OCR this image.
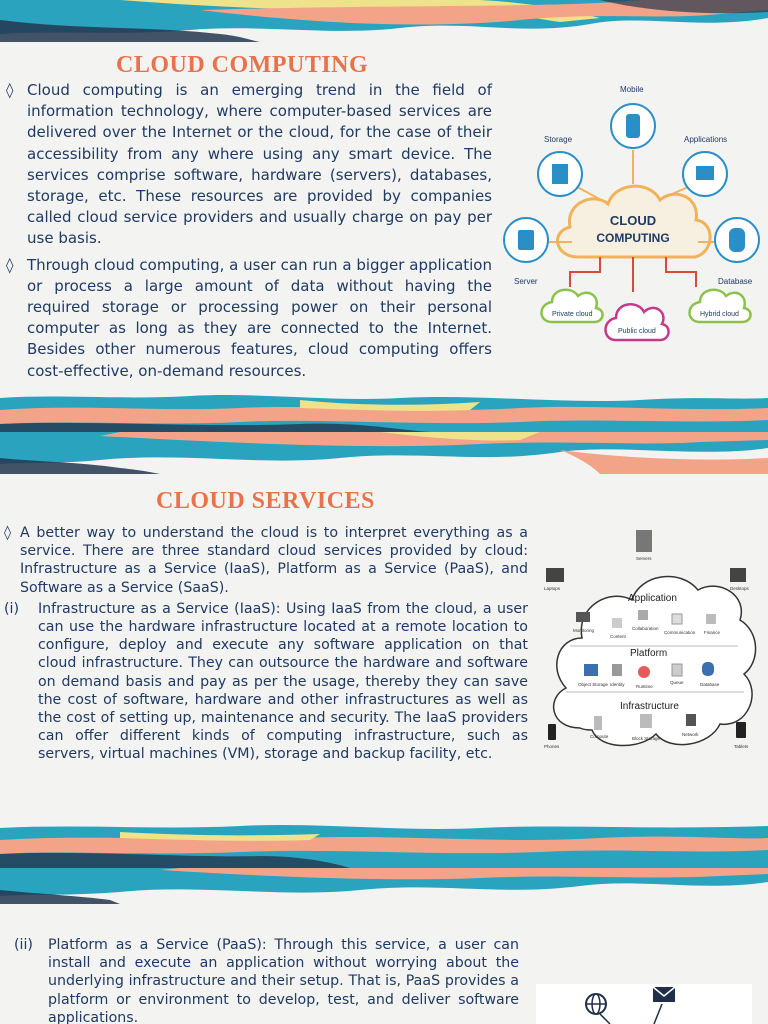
CLOUD COMPUTING
◊ Cloud computing is an emerging trend in the field of information technology, where computer-based services are delivered over the Internet or the cloud, for the case of their accessibility from any where using any smart device. The services comprise software, hardware (servers), databases, storage, etc. These resources are provided by companies called cloud service providers and usually charge on pay per use basis.
◊ Through cloud computing, a user can run a bigger application or process a large amount of data without having the required storage or processing power on their personal computer as long as they are connected to the Internet. Besides other numerous features, cloud computing offers cost-effective, on-demand resources.
CLOUD
COMPUTING
Mobile
Storage	Applications
Server	Database
Private cloud
Public cloud
Hybrid cloud
CLOUD SERVICES
◊ A better way to understand the cloud is to interpret everything as a service. There are three standard cloud services provided by cloud: Infrastructure as a Service (IaaS), Platform as a Service (PaaS), and Software as a Service (SaaS).
(i)	Infrastructure as a Service (IaaS): Using IaaS from the cloud, a user can use the hardware infrastructure located at a remote location to configure, deploy and execute any software application on that cloud infrastructure. They can outsource the hardware and software on demand basis and pay as per the usage, thereby they can save the cost of software, hardware and other infrastructures as well as the cost of setting up, maintenance and security. The IaaS providers can offer different kinds of computing infrastructure, such as servers, virtual machines (VM), storage and backup facility, etc.
Application
Platform
Infrastructure
Monitoring
Content
Collaboration
Communication Finance
Object Storage Identity	Runtime
Queue	Database
Compute	Block Storage
Network
Servers
Laptops	Desktops
Phones	Tablets
(ii)	Platform as a Service (PaaS): Through this service, a user can install and execute an application without worrying about the underlying infrastructure and their setup. That is, PaaS provides a platform or environment to develop, test, and deliver software applications.
